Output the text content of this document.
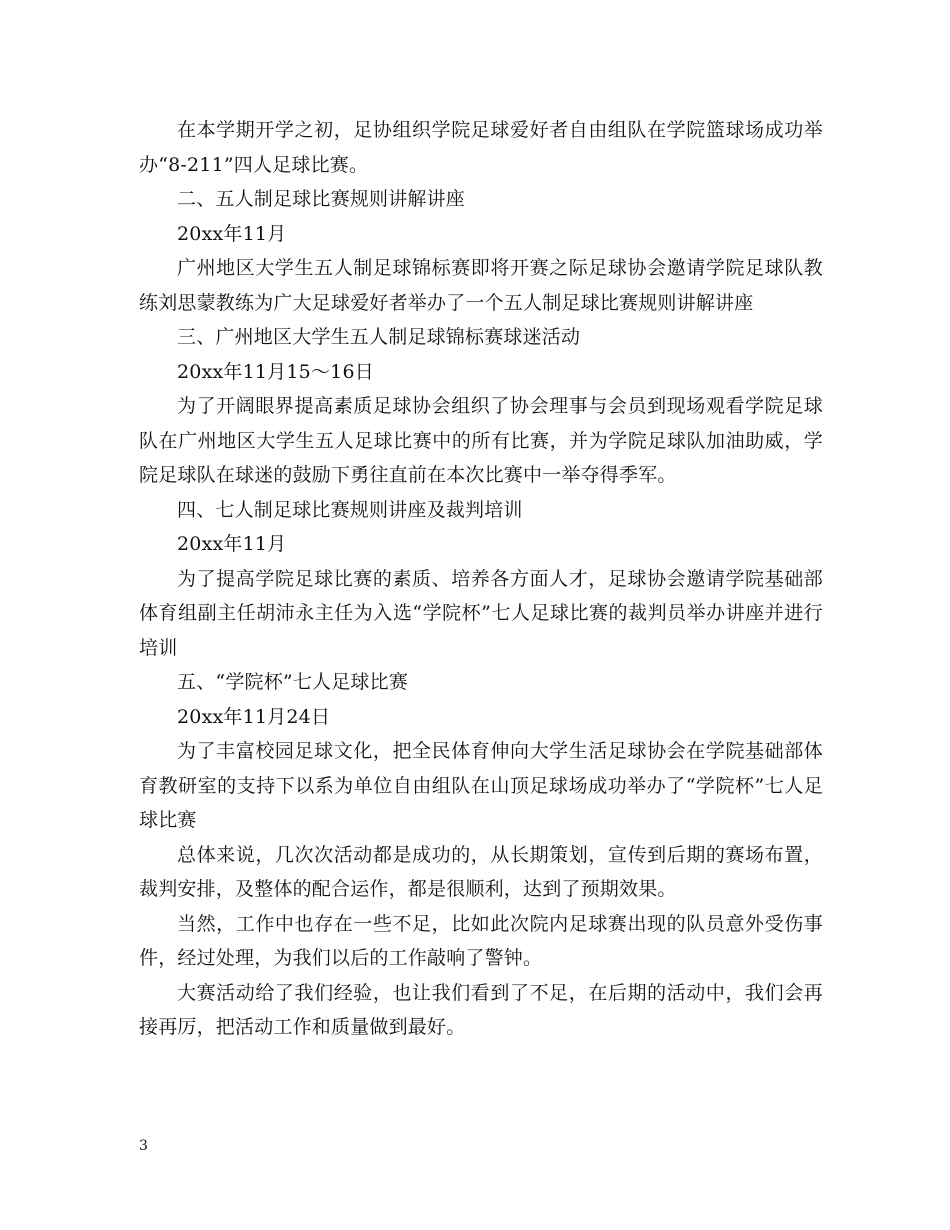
在本学期开学之初，足协组织学院足球爱好者自由组队在学院篮球场成功举办“8-211”四人足球比赛。

二、五人制足球比赛规则讲解讲座

20xx年11月

广州地区大学生五人制足球锦标赛即将开赛之际足球协会邀请学院足球队教练刘思蒙教练为广大足球爱好者举办了一个五人制足球比赛规则讲解讲座

三、广州地区大学生五人制足球锦标赛球迷活动

20xx年11月15～16日

为了开阔眼界提高素质足球协会组织了协会理事与会员到现场观看学院足球队在广州地区大学生五人足球比赛中的所有比赛，并为学院足球队加油助威，学院足球队在球迷的鼓励下勇往直前在本次比赛中一举夺得季军。

四、七人制足球比赛规则讲座及裁判培训

20xx年11月

为了提高学院足球比赛的素质、培养各方面人才，足球协会邀请学院基础部体育组副主任胡沛永主任为入选“学院杯”七人足球比赛的裁判员举办讲座并进行培训

五、“学院杯”七人足球比赛

20xx年11月24日

为了丰富校园足球文化，把全民体育伸向大学生活足球协会在学院基础部体育教研室的支持下以系为单位自由组队在山顶足球场成功举办了“学院杯”七人足球比赛

总体来说，几次次活动都是成功的，从长期策划，宣传到后期的赛场布置，裁判安排，及整体的配合运作，都是很顺利，达到了预期效果。

当然，工作中也存在一些不足，比如此次院内足球赛出现的队员意外受伤事件，经过处理，为我们以后的工作敲响了警钟。

大赛活动给了我们经验，也让我们看到了不足，在后期的活动中，我们会再接再厉，把活动工作和质量做到最好。

3
